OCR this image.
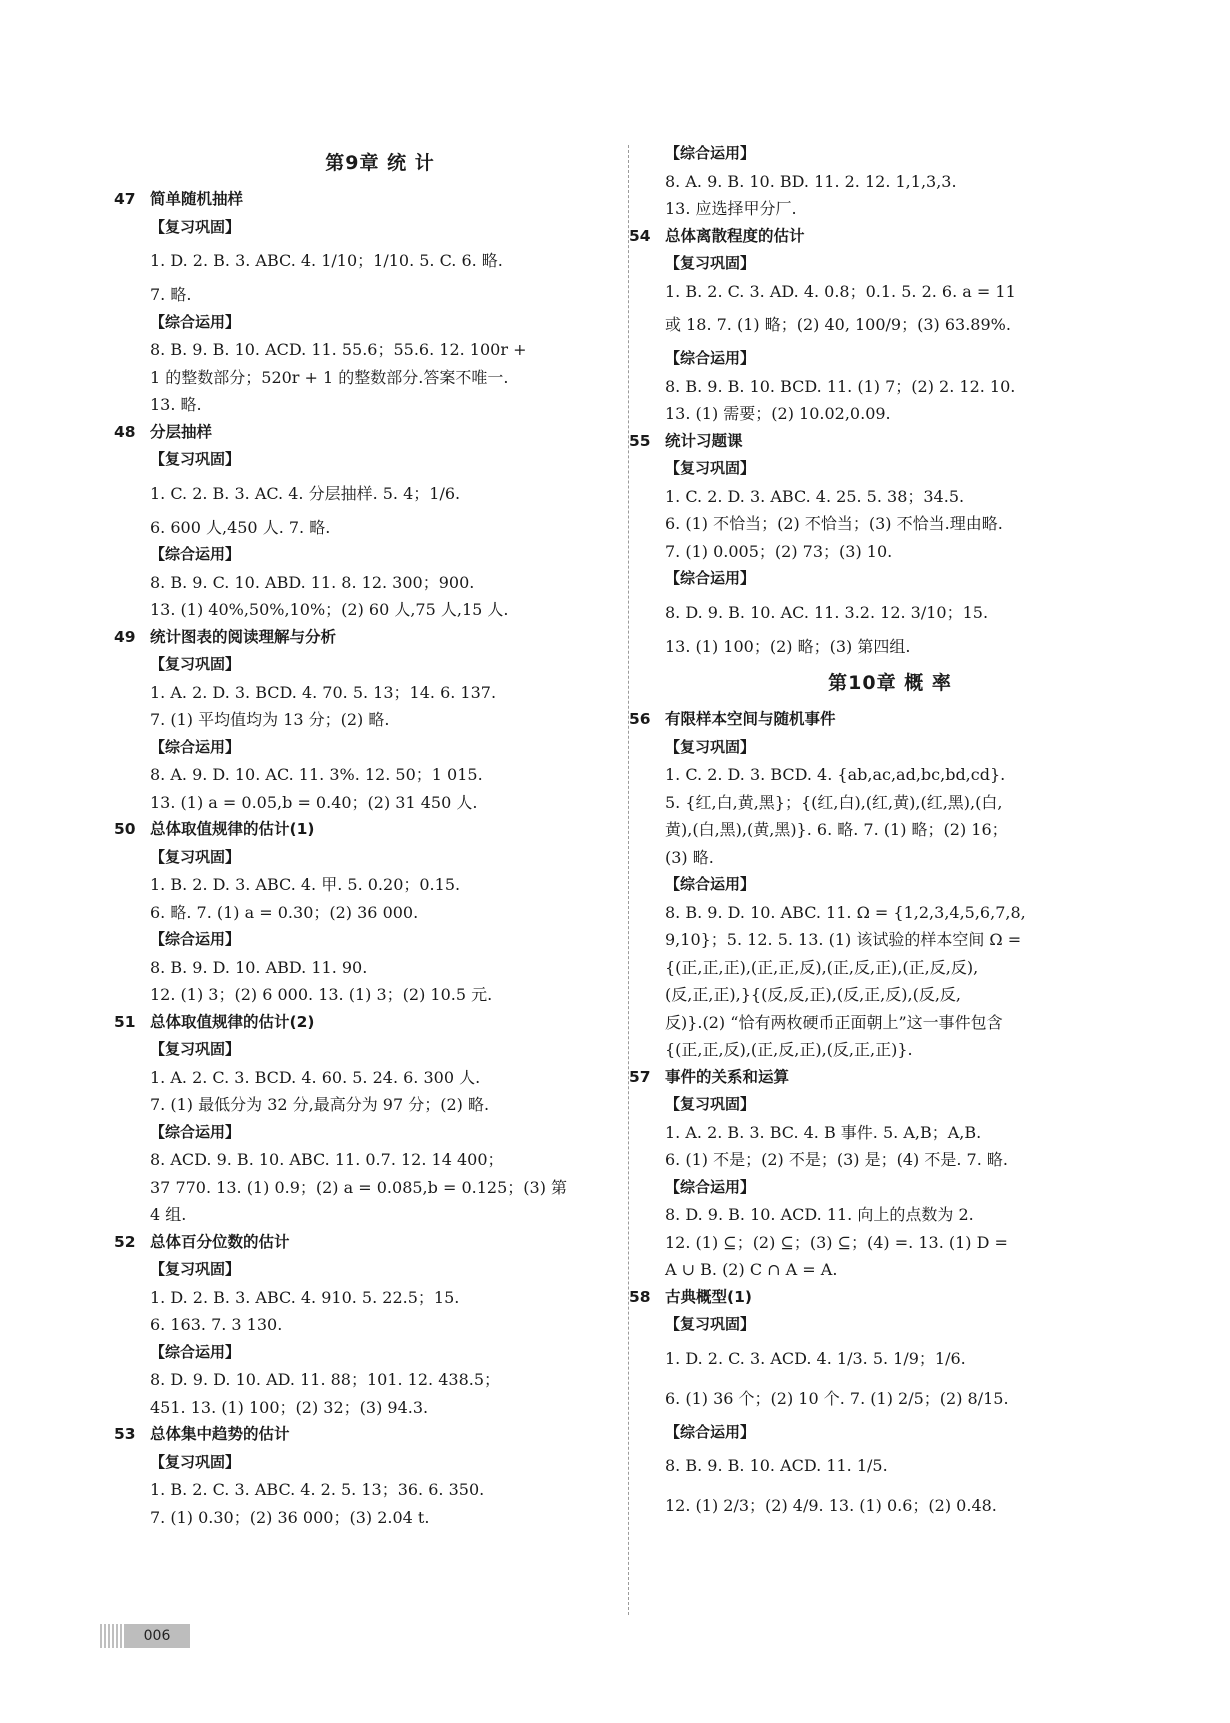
第9章 统 计
47 简单随机抽样
【复习巩固】
1. D. 2. B. 3. ABC. 4. 1/10；1/10. 5. C. 6. 略.
7. 略.
【综合运用】
8. B. 9. B. 10. ACD. 11. 55.6；55.6. 12. 100r +
1 的整数部分；520r + 1 的整数部分.答案不唯一.
13. 略.
48 分层抽样
【复习巩固】
1. C. 2. B. 3. AC. 4. 分层抽样. 5. 4；1/6.
6. 600 人,450 人. 7. 略.
【综合运用】
8. B. 9. C. 10. ABD. 11. 8. 12. 300；900.
13. (1) 40%,50%,10%；(2) 60 人,75 人,15 人.
49 统计图表的阅读理解与分析
【复习巩固】
1. A. 2. D. 3. BCD. 4. 70. 5. 13；14. 6. 137.
7. (1) 平均值均为 13 分；(2) 略.
【综合运用】
8. A. 9. D. 10. AC. 11. 3%. 12. 50；1 015.
13. (1) a = 0.05,b = 0.40；(2) 31 450 人.
50 总体取值规律的估计(1)
【复习巩固】
1. B. 2. D. 3. ABC. 4. 甲. 5. 0.20；0.15.
6. 略. 7. (1) a = 0.30；(2) 36 000.
【综合运用】
8. B. 9. D. 10. ABD. 11. 90.
12. (1) 3；(2) 6 000. 13. (1) 3；(2) 10.5 元.
51 总体取值规律的估计(2)
【复习巩固】
1. A. 2. C. 3. BCD. 4. 60. 5. 24. 6. 300 人.
7. (1) 最低分为 32 分,最高分为 97 分；(2) 略.
【综合运用】
8. ACD. 9. B. 10. ABC. 11. 0.7. 12. 14 400；
37 770. 13. (1) 0.9；(2) a = 0.085,b = 0.125；(3) 第
4 组.
52 总体百分位数的估计
【复习巩固】
1. D. 2. B. 3. ABC. 4. 910. 5. 22.5；15.
6. 163. 7. 3 130.
【综合运用】
8. D. 9. D. 10. AD. 11. 88；101. 12. 438.5；
451. 13. (1) 100；(2) 32；(3) 94.3.
53 总体集中趋势的估计
【复习巩固】
1. B. 2. C. 3. ABC. 4. 2. 5. 13；36. 6. 350.
7. (1) 0.30；(2) 36 000；(3) 2.04 t.
【综合运用】
8. A. 9. B. 10. BD. 11. 2. 12. 1,1,3,3.
13. 应选择甲分厂.
54 总体离散程度的估计
【复习巩固】
1. B. 2. C. 3. AD. 4. 0.8；0.1. 5. 2. 6. a = 11
或 18. 7. (1) 略；(2) 40, 100/9；(3) 63.89%.
【综合运用】
8. B. 9. B. 10. BCD. 11. (1) 7；(2) 2. 12. 10.
13. (1) 需要；(2) 10.02,0.09.
55 统计习题课
【复习巩固】
1. C. 2. D. 3. ABC. 4. 25. 5. 38；34.5.
6. (1) 不恰当；(2) 不恰当；(3) 不恰当.理由略.
7. (1) 0.005；(2) 73；(3) 10.
【综合运用】
8. D. 9. B. 10. AC. 11. 3.2. 12. 3/10；15.
13. (1) 100；(2) 略；(3) 第四组.
第10章 概 率
56 有限样本空间与随机事件
【复习巩固】
1. C. 2. D. 3. BCD. 4. {ab,ac,ad,bc,bd,cd}.
5. {红,白,黄,黑}；{(红,白),(红,黄),(红,黑),(白,
黄),(白,黑),(黄,黑)}. 6. 略. 7. (1) 略；(2) 16；
(3) 略.
【综合运用】
8. B. 9. D. 10. ABC. 11. Ω = {1,2,3,4,5,6,7,8,
9,10}；5. 12. 5. 13. (1) 该试验的样本空间 Ω =
{(正,正,正),(正,正,反),(正,反,正),(正,反,反),
(反,正,正),}{(反,反,正),(反,正,反),(反,反,
反)}.(2) “恰有两枚硬币正面朝上”这一事件包含
{(正,正,反),(正,反,正),(反,正,正)}.
57 事件的关系和运算
【复习巩固】
1. A. 2. B. 3. BC. 4. B 事件. 5. A,B；A,B.
6. (1) 不是；(2) 不是；(3) 是；(4) 不是. 7. 略.
【综合运用】
8. D. 9. B. 10. ACD. 11. 向上的点数为 2.
12. (1) ⊆；(2) ⊆；(3) ⊆；(4) =. 13. (1) D =
A ∪ B. (2) C ∩ A = A.
58 古典概型(1)
【复习巩固】
1. D. 2. C. 3. ACD. 4. 1/3. 5. 1/9；1/6.
6. (1) 36 个；(2) 10 个. 7. (1) 2/5；(2) 8/15.
【综合运用】
8. B. 9. B. 10. ACD. 11. 1/5.
12. (1) 2/3；(2) 4/9. 13. (1) 0.6；(2) 0.48.
006
